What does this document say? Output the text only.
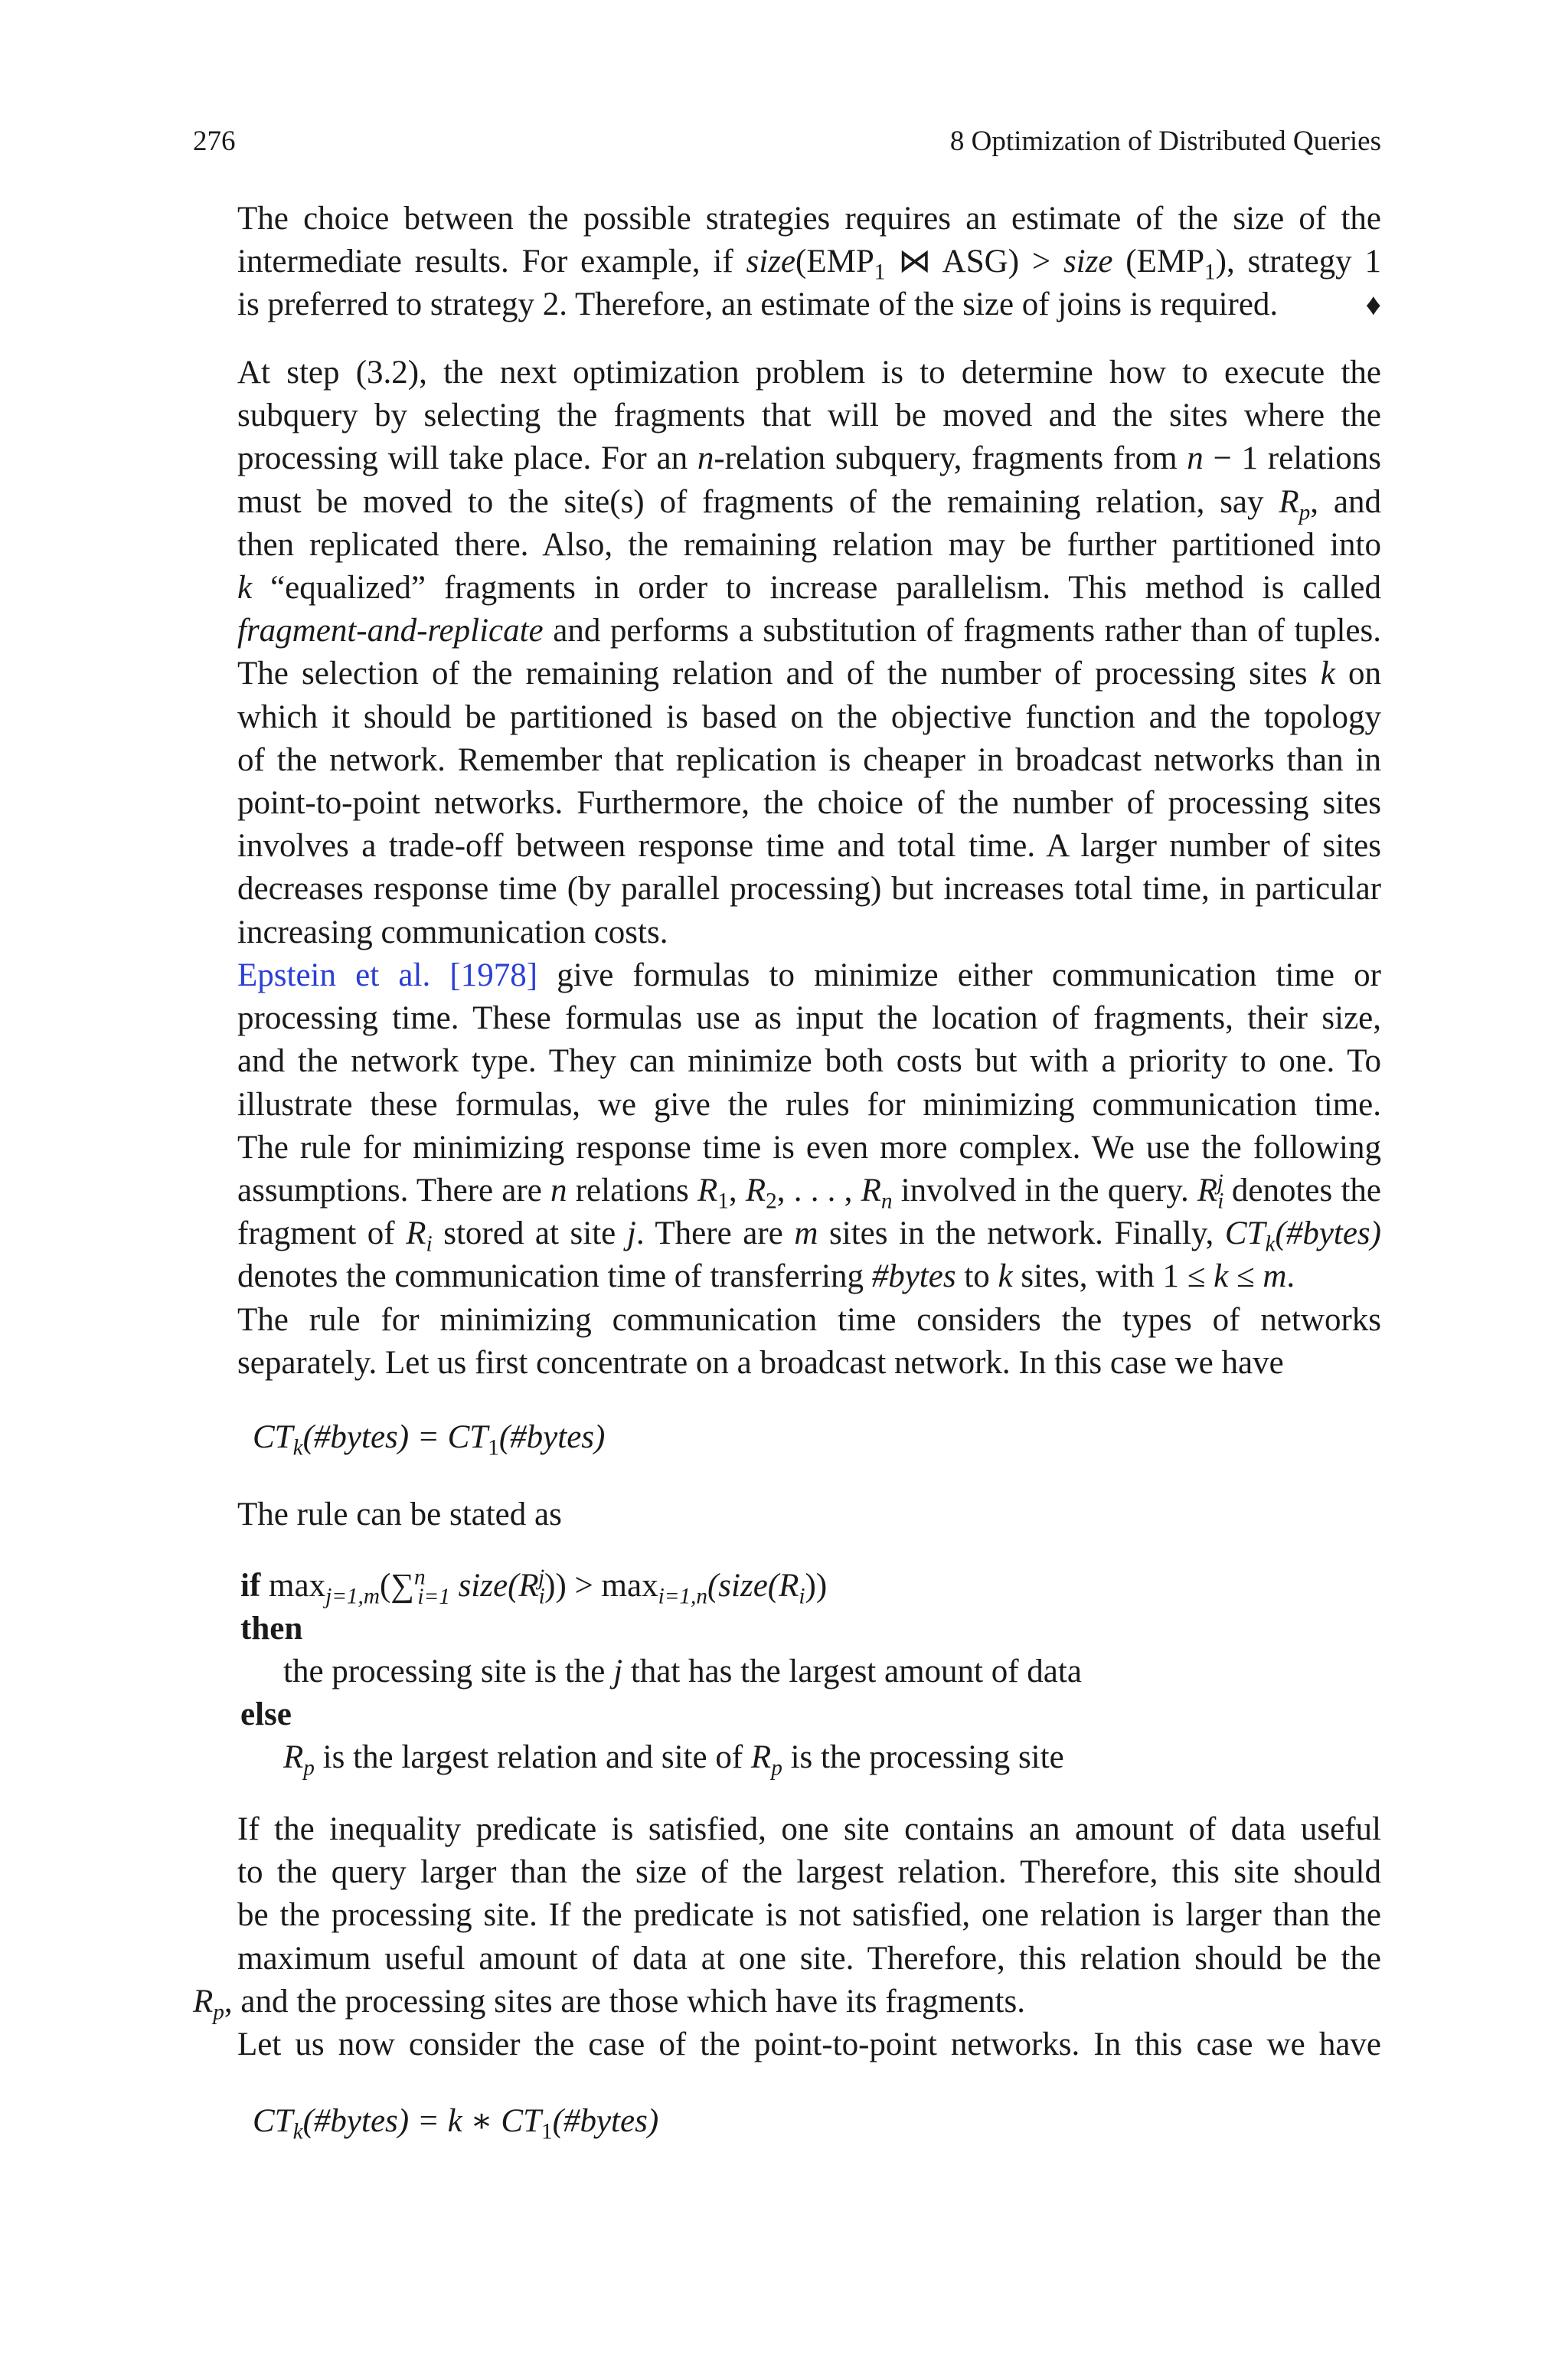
276	8 Optimization of Distributed Queries
The choice between the possible strategies requires an estimate of the size of the
intermediate results. For example, if $size(EMP_1$ ⋈ ASG) > size $(EMP_1)$, strategy 1
is preferred to strategy 2. Therefore, an estimate of the size of joins is required.	♦
At step (3.2), the next optimization problem is to determine how to execute the
subquery by selecting the fragments that will be moved and the sites where the
processing will take place. For an n-relation subquery, fragments from n − 1 relations
must be moved to the site(s) of fragments of the remaining relation, say $R_p$, and
then replicated there. Also, the remaining relation may be further partitioned into
k “equalized” fragments in order to increase parallelism. This method is called
fragment-and-replicate and performs a substitution of fragments rather than of tuples.
The selection of the remaining relation and of the number of processing sites k on
which it should be partitioned is based on the objective function and the topology
of the network. Remember that replication is cheaper in broadcast networks than in
point-to-point networks. Furthermore, the choice of the number of processing sites
involves a trade-off between response time and total time. A larger number of sites
decreases response time (by parallel processing) but increases total time, in particular
increasing communication costs.
Epstein et al. [1978] give formulas to minimize either communication time or
processing time. These formulas use as input the location of fragments, their size,
and the network type. They can minimize both costs but with a priority to one. To
illustrate these formulas, we give the rules for minimizing communication time.
The rule for minimizing response time is even more complex. We use the following
assumptions. There are n relations $R_1$, $R_2$, . . . , $R_n$ involved in the query. $R_i^j$ denotes the
fragment of $R_i$ stored at site j. There are m sites in the network. Finally, $CT_k(\#bytes)$
denotes the communication time of transferring #bytes to k sites, with 1 ≤ k ≤ m.
The rule for minimizing communication time considers the types of networks
separately. Let us first concentrate on a broadcast network. In this case we have
$CT_k(\#bytes)$ = $CT_1(\#bytes)$
The rule can be stated as
if $\max_{j=1,m}(\sum^n_{i=1}$ $size(R_i^j)$) > $\max_{i=1,n}(size(R_i))$
then
the processing site is the j that has the largest amount of data
else
$R_p$ is the largest relation and site of $R_p$ is the processing site
If the inequality predicate is satisfied, one site contains an amount of data useful
to the query larger than the size of the largest relation. Therefore, this site should
be the processing site. If the predicate is not satisfied, one relation is larger than the
maximum useful amount of data at one site. Therefore, this relation should be the
$R_p$, and the processing sites are those which have its fragments.
Let us now consider the case of the point-to-point networks. In this case we have
$CT_k(\#bytes) = k$ ∗ $CT_1(\#bytes)$
